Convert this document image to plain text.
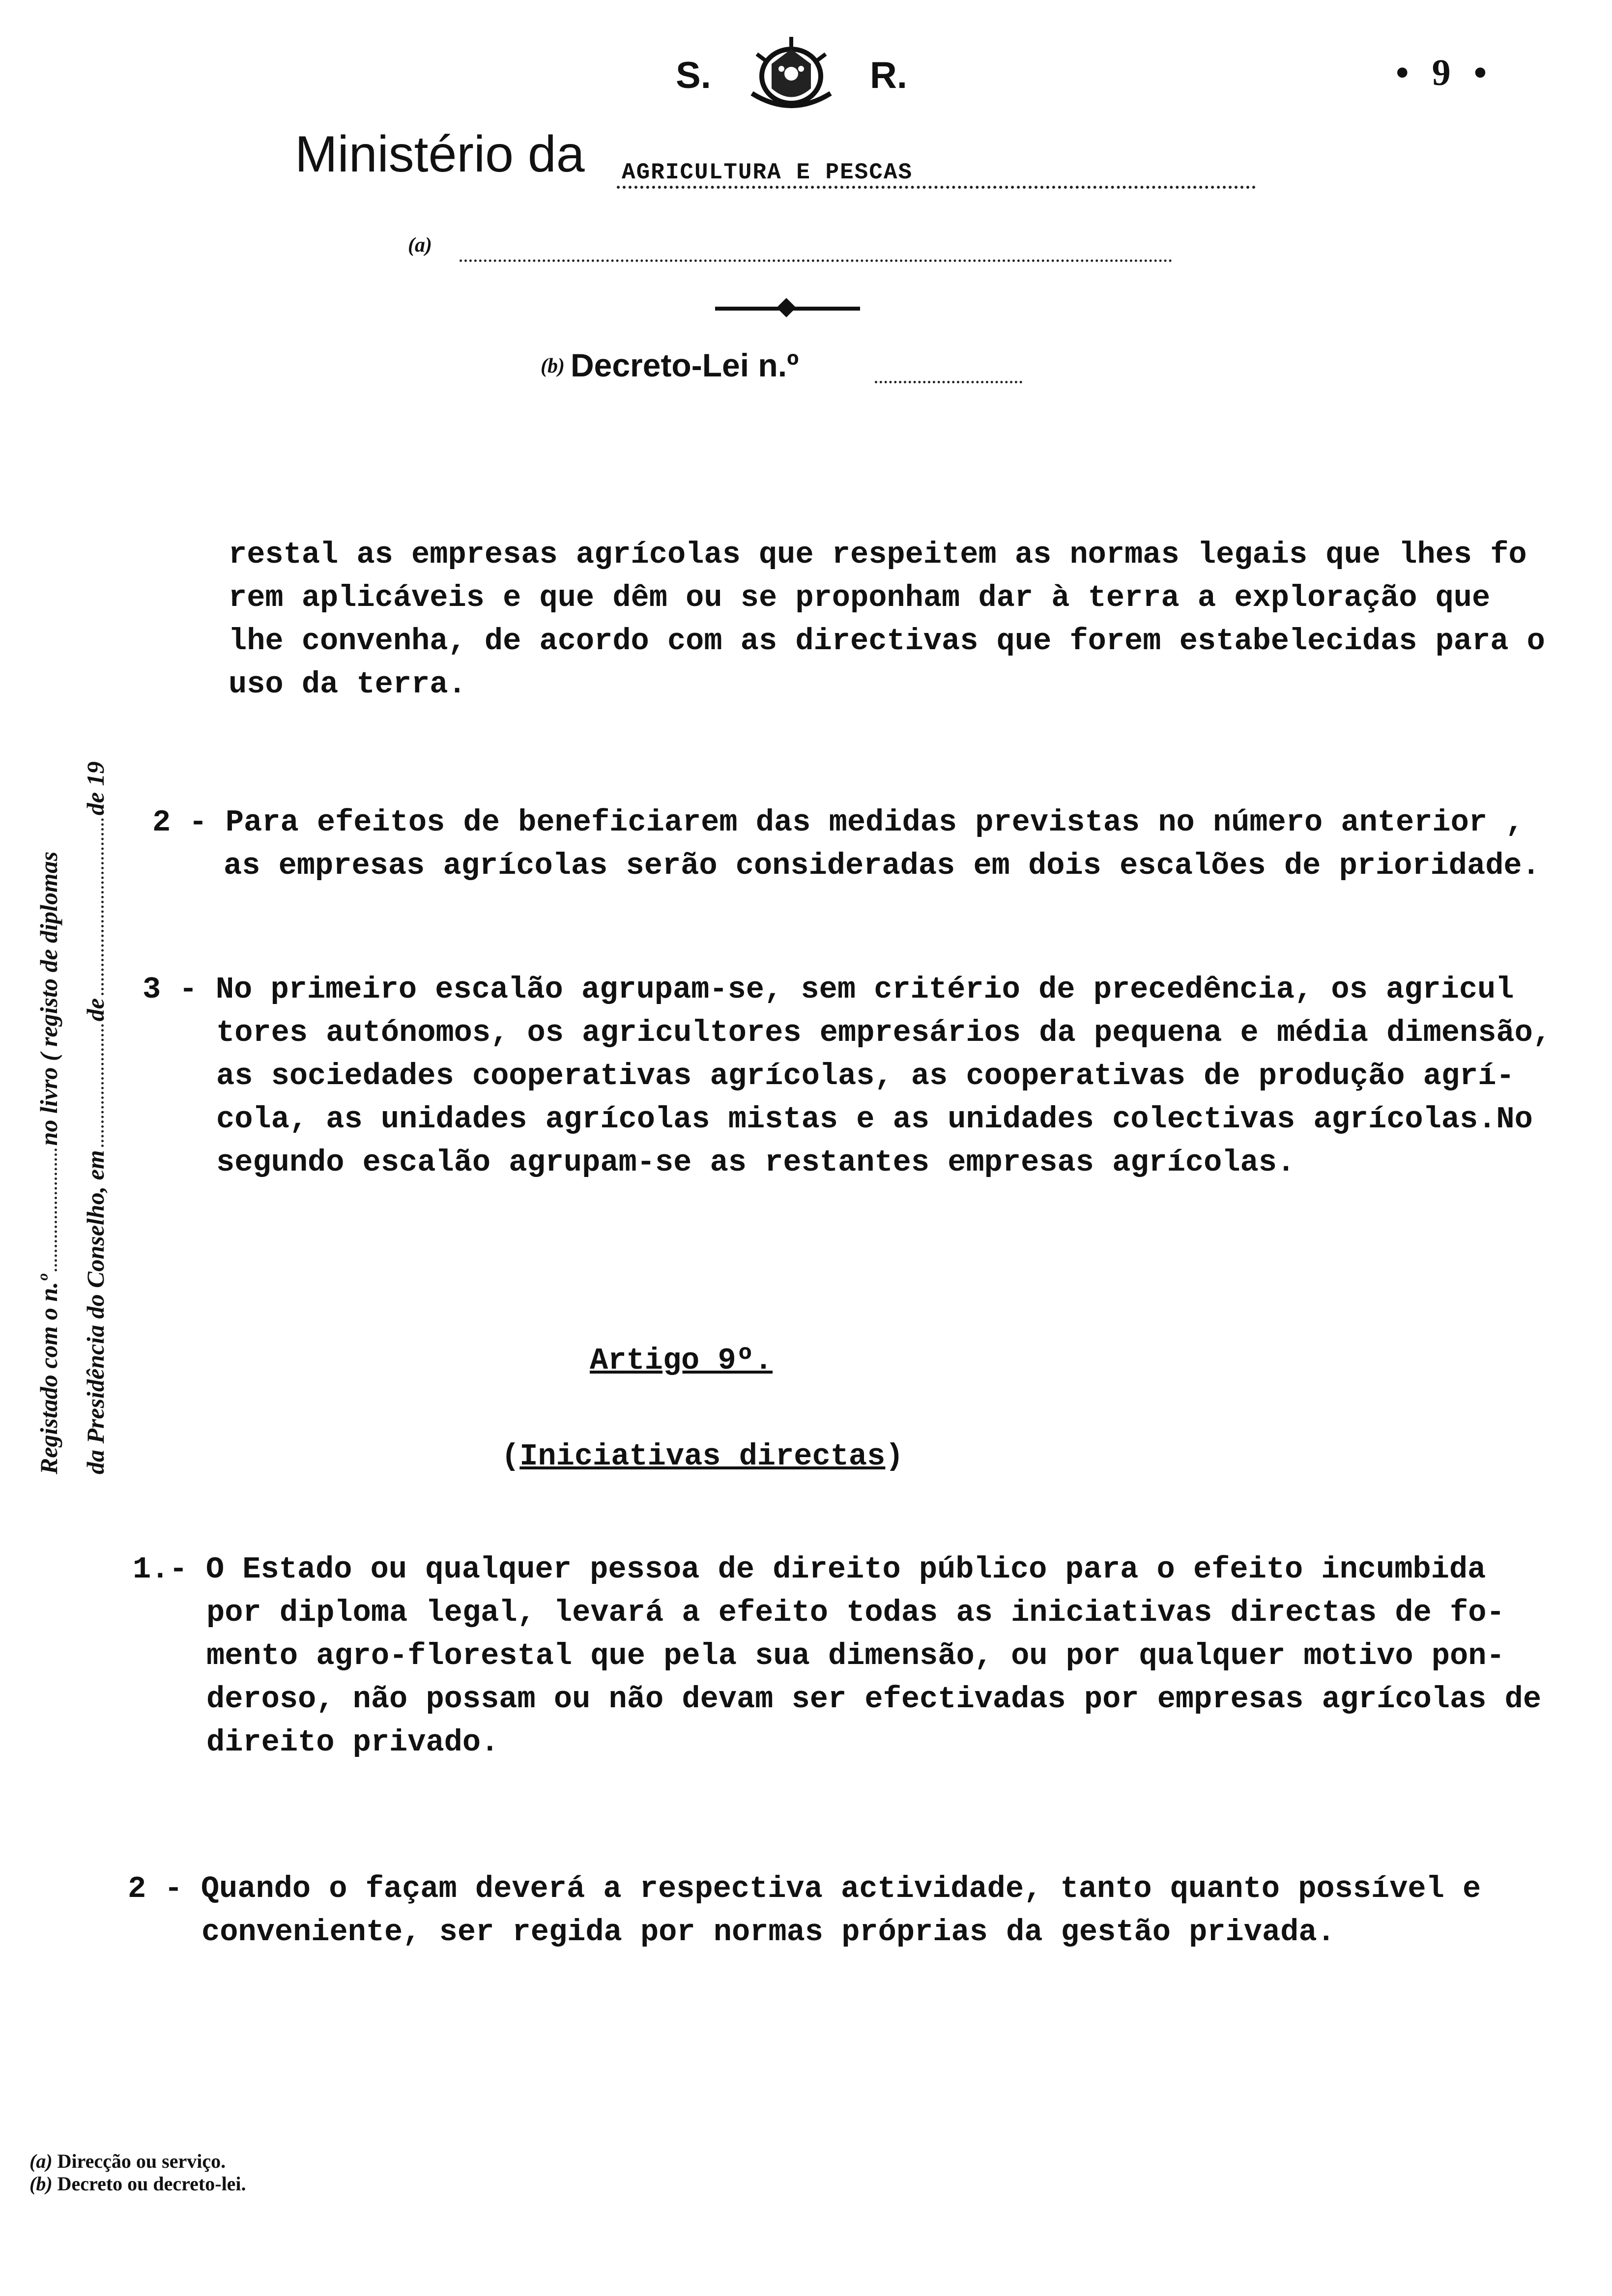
S.	R.	• 9 •
Ministério da AGRICULTURA E PESCAS
(a)
(b) Decreto-Lei n.º
Registado com o n.ºno livro ( registo de diplomas
da Presidência do Conselho, emdede 19
restal as empresas agrícolas que respeitem as normas legais que lhes fo
rem aplicáveis e que dêm ou se proponham dar à terra a exploração que
lhe convenha, de acordo com as directivas que forem estabelecidas para o
uso da terra.
2 - Para efeitos de beneficiarem das medidas previstas no número anterior ,
as empresas agrícolas serão consideradas em dois escalões de prioridade.
3 - No primeiro escalão agrupam-se, sem critério de precedência, os agricul
tores autónomos, os agricultores empresários da pequena e média dimensão,
as sociedades cooperativas agrícolas, as cooperativas de produção agrí-
cola, as unidades agrícolas mistas e as unidades colectivas agrícolas.No
segundo escalão agrupam-se as restantes empresas agrícolas.
Artigo 9º.
(Iniciativas directas)
1.- O Estado ou qualquer pessoa de direito público para o efeito incumbida
por diploma legal, levará a efeito todas as iniciativas directas de fo-
mento agro-florestal que pela sua dimensão, ou por qualquer motivo pon-
deroso, não possam ou não devam ser efectivadas por empresas agrícolas de
direito privado.
2 - Quando o façam deverá a respectiva actividade, tanto quanto possível e
conveniente, ser regida por normas próprias da gestão privada.
(a) Direcção ou serviço.
(b) Decreto ou decreto-lei.
